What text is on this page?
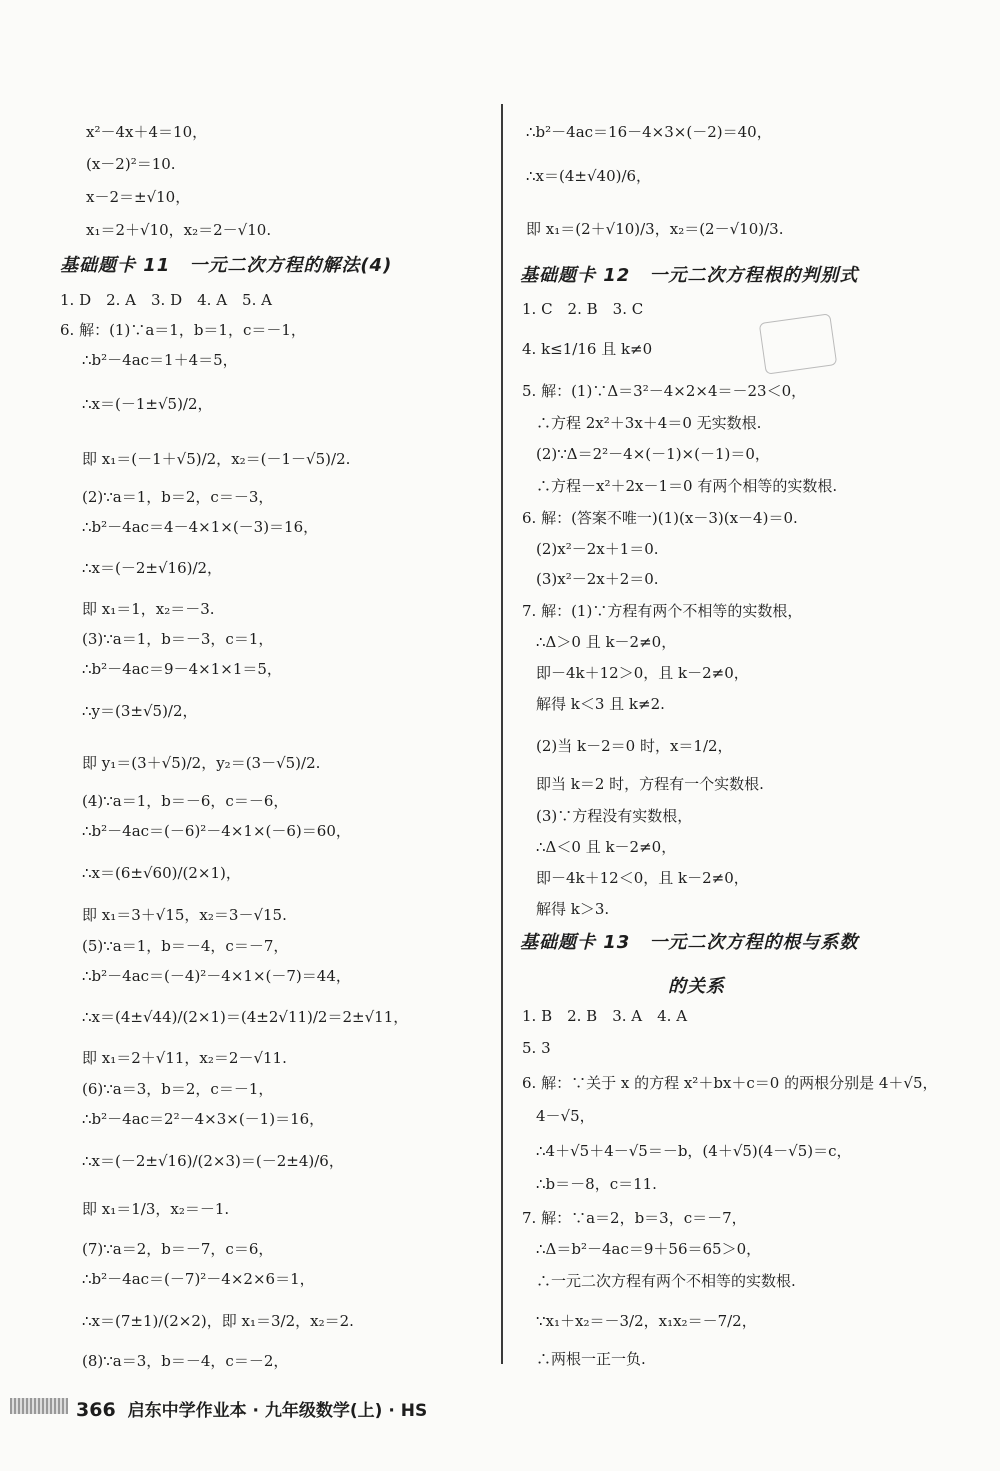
x²－4x＋4＝10，
(x－2)²＝10.
x－2＝±√10，
x₁＝2＋√10，x₂＝2－√10.
基础题卡 11　一元二次方程的解法(4)
1. D　2. A　3. D　4. A　5. A
6. 解：(1)∵a＝1，b＝1，c＝－1，
∴b²－4ac＝1＋4＝5，
∴x＝(－1±√5)/2，
即 x₁＝(－1＋√5)/2，x₂＝(－1－√5)/2.
(2)∵a＝1，b＝2，c＝－3，
∴b²－4ac＝4－4×1×(－3)＝16，
∴x＝(－2±√16)/2，
即 x₁＝1，x₂＝－3.
(3)∵a＝1，b＝－3，c＝1，
∴b²－4ac＝9－4×1×1＝5，
∴y＝(3±√5)/2，
即 y₁＝(3＋√5)/2，y₂＝(3－√5)/2.
(4)∵a＝1，b＝－6，c＝－6，
∴b²－4ac＝(－6)²－4×1×(－6)＝60，
∴x＝(6±√60)/(2×1)，
即 x₁＝3＋√15，x₂＝3－√15.
(5)∵a＝1，b＝－4，c＝－7，
∴b²－4ac＝(－4)²－4×1×(－7)＝44，
∴x＝(4±√44)/(2×1)＝(4±2√11)/2＝2±√11，
即 x₁＝2＋√11，x₂＝2－√11.
(6)∵a＝3，b＝2，c＝－1，
∴b²－4ac＝2²－4×3×(－1)＝16，
∴x＝(－2±√16)/(2×3)＝(－2±4)/6，
即 x₁＝1/3，x₂＝－1.
(7)∵a＝2，b＝－7，c＝6，
∴b²－4ac＝(－7)²－4×2×6＝1，
∴x＝(7±1)/(2×2)，即 x₁＝3/2，x₂＝2.
(8)∵a＝3，b＝－4，c＝－2，
∴b²－4ac＝16－4×3×(－2)＝40，
∴x＝(4±√40)/6，
即 x₁＝(2＋√10)/3，x₂＝(2－√10)/3.
基础题卡 12　一元二次方程根的判别式
1. C　2. B　3. C
4. k≤1/16 且 k≠0
5. 解：(1)∵Δ＝3²－4×2×4＝－23＜0，
∴方程 2x²＋3x＋4＝0 无实数根.
(2)∵Δ＝2²－4×(－1)×(－1)＝0，
∴方程－x²＋2x－1＝0 有两个相等的实数根.
6. 解：(答案不唯一)(1)(x－3)(x－4)＝0.
(2)x²－2x＋1＝0.
(3)x²－2x＋2＝0.
7. 解：(1)∵方程有两个不相等的实数根，
∴Δ＞0 且 k－2≠0，
即－4k＋12＞0，且 k－2≠0，
解得 k＜3 且 k≠2.
(2)当 k－2＝0 时，x＝1/2，
即当 k＝2 时，方程有一个实数根.
(3)∵方程没有实数根，
∴Δ＜0 且 k－2≠0，
即－4k＋12＜0，且 k－2≠0，
解得 k＞3.
基础题卡 13　一元二次方程的根与系数
的关系
1. B　2. B　3. A　4. A
5. 3
6. 解：∵关于 x 的方程 x²＋bx＋c＝0 的两根分别是 4＋√5，
4－√5，
∴4＋√5＋4－√5＝－b，(4＋√5)(4－√5)＝c，
∴b＝－8，c＝11.
7. 解：∵a＝2，b＝3，c＝－7，
∴Δ＝b²－4ac＝9＋56＝65＞0，
∴一元二次方程有两个不相等的实数根.
∵x₁＋x₂＝－3/2，x₁x₂＝－7/2，
∴两根一正一负.
366 启东中学作业本 · 九年级数学(上) · HS
